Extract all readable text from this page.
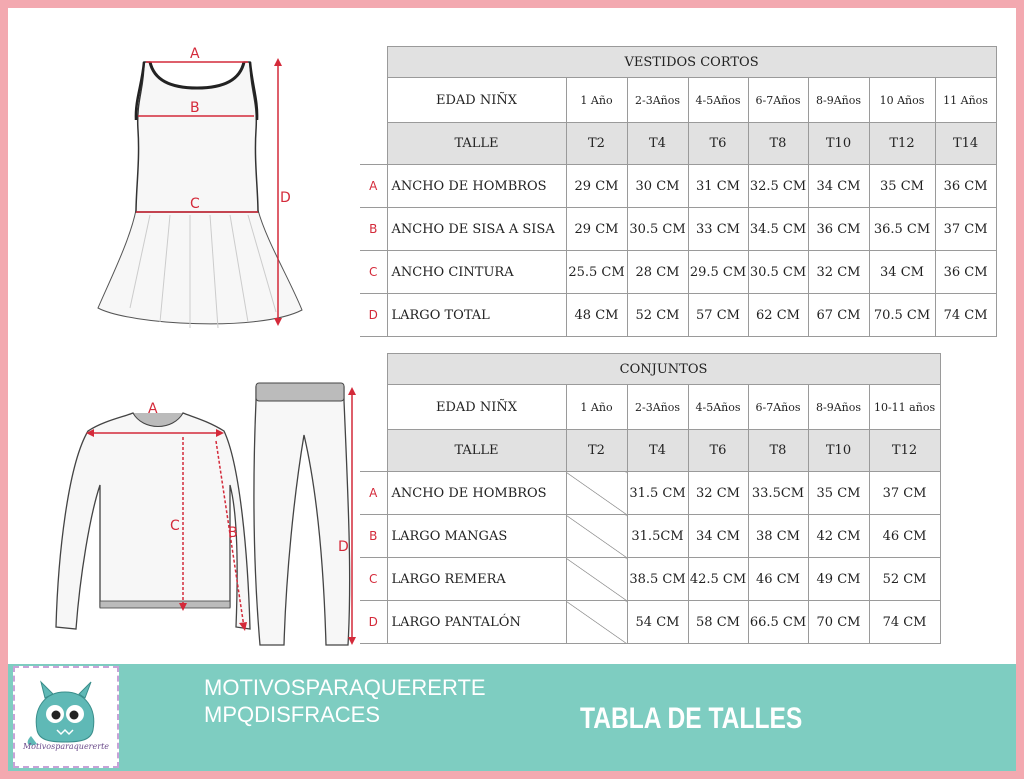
A
B
C	D
A
B
C
D
	VESTIDOS CORTOS							
	EDAD NIÑX	1 Año	2-3Años	4-5Años	6-7Años	8-9Años	10 Años	11 Años
	TALLE	T2	T4	T6	T8	T10	T12	T14
A	ANCHO DE HOMBROS	29 CM	30 CM	31 CM	32.5 CM	34 CM	35 CM	36 CM
B	ANCHO DE SISA A SISA	29 CM	30.5 CM	33 CM	34.5 CM	36 CM	36.5 CM	37 CM
C	ANCHO CINTURA	25.5 CM	28 CM	29.5 CM	30.5 CM	32 CM	34 CM	36 CM
D	LARGO TOTAL	48 CM	52 CM	57 CM	62 CM	67 CM	70.5 CM	74 CM
	CONJUNTOS						
	EDAD NIÑX	1 Año	2-3Años	4-5Años	6-7Años	8-9Años	10-11 años
	TALLE	T2	T4	T6	T8	T10	T12
A	ANCHO DE HOMBROS		31.5 CM	32 CM	33.5CM	35 CM	37 CM
B	LARGO MANGAS		31.5CM	34 CM	38 CM	42 CM	46 CM
C	LARGO REMERA		38.5 CM	42.5 CM	46 CM	49 CM	52 CM
D	LARGO PANTALÓN		54 CM	58 CM	66.5 CM	70 CM	74 CM
Motivosparaquererte
MOTIVOSPARAQUERERTE
MPQDISFRACES	TABLA DE TALLES
